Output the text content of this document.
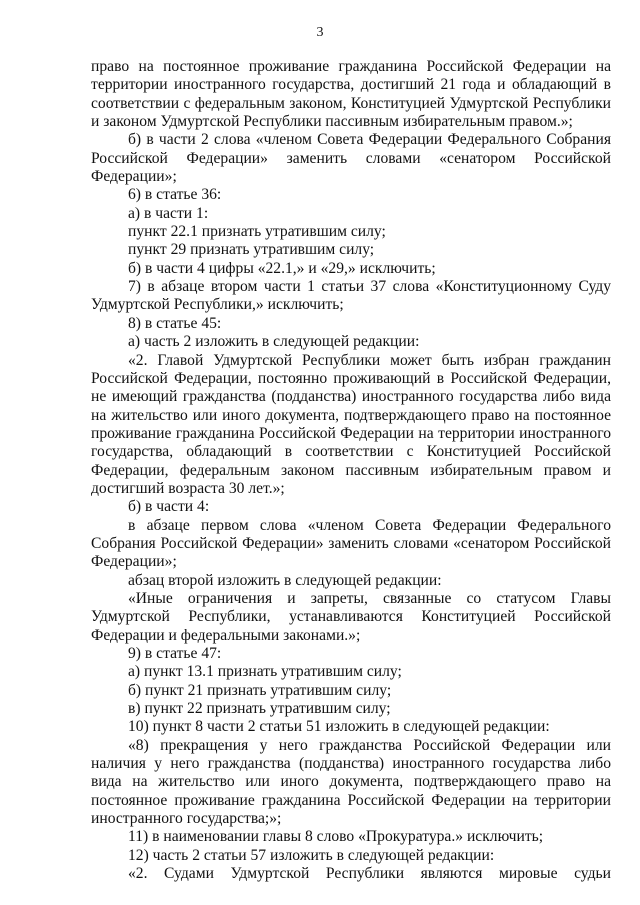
3

право на постоянное проживание гражданина Российской Федерации на территории иностранного государства, достигший 21 года и обладающий в соответствии с федеральным законом, Конституцией Удмуртской Республики и законом Удмуртской Республики пассивным избирательным правом.»;

б) в части 2 слова «членом Совета Федерации Федерального Собрания Российской Федерации» заменить словами «сенатором Российской Федерации»;

6) в статье 36:

а) в части 1:

пункт 22.1 признать утратившим силу;

пункт 29 признать утратившим силу;

б) в части 4 цифры «22.1,» и «29,» исключить;

7) в абзаце втором части 1 статьи 37 слова «Конституционному Суду Удмуртской Республики,» исключить;

8) в статье 45:

а) часть 2 изложить в следующей редакции:

«2. Главой Удмуртской Республики может быть избран гражданин Российской Федерации, постоянно проживающий в Российской Федерации, не имеющий гражданства (подданства) иностранного государства либо вида на жительство или иного документа, подтверждающего право на постоянное проживание гражданина Российской Федерации на территории иностранного государства, обладающий в соответствии с Конституцией Российской Федерации, федеральным законом пассивным избирательным правом и достигший возраста 30 лет.»;

б) в части 4:

в абзаце первом слова «членом Совета Федерации Федерального Собрания Российской Федерации» заменить словами «сенатором Российской Федерации»;

абзац второй изложить в следующей редакции:

«Иные ограничения и запреты, связанные со статусом Главы Удмуртской Республики, устанавливаются Конституцией Российской Федерации и федеральными законами.»;

9) в статье 47:

а) пункт 13.1 признать утратившим силу;

б) пункт 21 признать утратившим силу;

в) пункт 22 признать утратившим силу;

10) пункт 8 части 2 статьи 51 изложить в следующей редакции:

«8) прекращения у него гражданства Российской Федерации или наличия у него гражданства (подданства) иностранного государства либо вида на жительство или иного документа, подтверждающего право на постоянное проживание гражданина Российской Федерации на территории иностранного государства;»;

11) в наименовании главы 8 слово «Прокуратура.» исключить;

12) часть 2 статьи 57 изложить в следующей редакции:

«2. Судами Удмуртской Республики являются мировые судьи
